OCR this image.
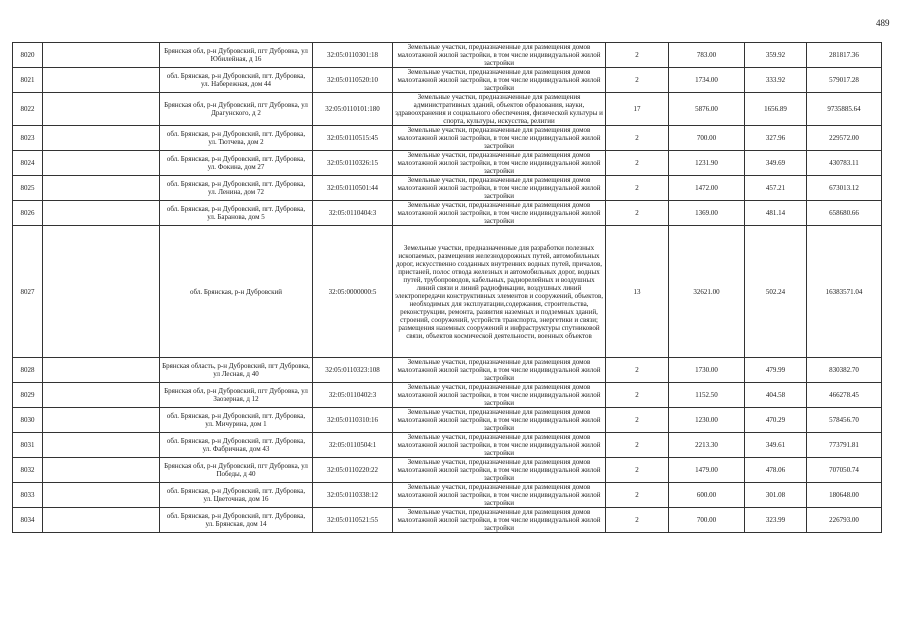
489
8020		Брянская обл, р-н Дубровский, пгт Дубровка, ул Юбилейная, д 16	32:05:0110301:18	Земельные участки, предназначенные для размещения домов малоэтажной жилой застройки, в том числе индивидуальной жилой застройки	2	783.00	359.92	281817.36
8021		обл. Брянская, р-н Дубровский, пгт. Дубровка, ул. Набережная, дом 44	32:05:0110520:10	Земельные участки, предназначенные для размещения домов малоэтажной жилой застройки, в том числе индивидуальной жилой застройки	2	1734.00	333.92	579017.28
8022		Брянская обл, р-н Дубровский, пгт Дубровка, ул Драгунского, д 2	32:05:0110101:180	Земельные участки, предназначенные для размещения административных зданий, объектов образования, науки, здравоохранения и социального обеспечения, физической культуры и спорта, культуры, искусства, религии	17	5876.00	1656.89	9735885.64
8023		обл. Брянская, р-н Дубровский, пгт. Дубровка, ул. Тютчева, дом 2	32:05:0110515:45	Земельные участки, предназначенные для размещения домов малоэтажной жилой застройки, в том числе индивидуальной жилой застройки	2	700.00	327.96	229572.00
8024		обл. Брянская, р-н Дубровский, пгт. Дубровка, ул. Фокина, дом 27	32:05:0110326:15	Земельные участки, предназначенные для размещения домов малоэтажной жилой застройки, в том числе индивидуальной жилой застройки	2	1231.90	349.69	430783.11
8025		обл. Брянская, р-н Дубровский, пгт. Дубровка, ул. Ленина, дом 72	32:05:0110501:44	Земельные участки, предназначенные для размещения домов малоэтажной жилой застройки, в том числе индивидуальной жилой застройки	2	1472.00	457.21	673013.12
8026		обл. Брянская, р-н Дубровский, пгт. Дубровка, ул. Баранова, дом 5	32:05:0110404:3	Земельные участки, предназначенные для размещения домов малоэтажной жилой застройки, в том числе индивидуальной жилой застройки	2	1369.00	481.14	658680.66
8027		обл. Брянская, р-н Дубровский	32:05:0000000:5	Земельные участки, предназначенные для разработки полезных ископаемых, размещения железнодорожных путей, автомобильных дорог, искусственно созданных внутренних водных путей, причалов, пристаней, полос отвода железных и автомобильных дорог, водных путей, трубопроводов, кабельных, радиорелейных и воздушных линий связи и линий радиофикации, воздушных линий электропередачи конструктивных элементов и сооружений, объектов, необходимых для эксплуатации,содержания, строительства, реконструкции, ремонта, развития наземных и подземных зданий, строений, сооружений, устройств транспорта, энергетики и связи; размещения наземных сооружений и инфраструктуры спутниковой связи, объектов космической деятельности, военных объектов	13	32621.00	502.24	16383571.04
8028		Брянская область, р-н Дубровский, пгт Дубровка, ул Лесная, д 40	32:05:0110323:108	Земельные участки, предназначенные для размещения домов малоэтажной жилой застройки, в том числе индивидуальной жилой застройки	2	1730.00	479.99	830382.70
8029		Брянская обл, р-н Дубровский, пгт Дубровка, ул Заозерная, д 12	32:05:0110402:3	Земельные участки, предназначенные для размещения домов малоэтажной жилой застройки, в том числе индивидуальной жилой застройки	2	1152.50	404.58	466278.45
8030		обл. Брянская, р-н Дубровский, пгт. Дубровка, ул. Мичурина, дом 1	32:05:0110310:16	Земельные участки, предназначенные для размещения домов малоэтажной жилой застройки, в том числе индивидуальной жилой застройки	2	1230.00	470.29	578456.70
8031		обл. Брянская, р-н Дубровский, пгт. Дубровка, ул. Фабричная, дом 43	32:05:0110504:1	Земельные участки, предназначенные для размещения домов малоэтажной жилой застройки, в том числе индивидуальной жилой застройки	2	2213.30	349.61	773791.81
8032		Брянская обл, р-н Дубровский, пгт Дубровка, ул Победы, д 40	32:05:0110220:22	Земельные участки, предназначенные для размещения домов малоэтажной жилой застройки, в том числе индивидуальной жилой застройки	2	1479.00	478.06	707050.74
8033		обл. Брянская, р-н Дубровский, пгт. Дубровка, ул. Цветочная, дом 16	32:05:0110338:12	Земельные участки, предназначенные для размещения домов малоэтажной жилой застройки, в том числе индивидуальной жилой застройки	2	600.00	301.08	180648.00
8034		обл. Брянская, р-н Дубровский, пгт. Дубровка, ул. Брянская, дом 14	32:05:0110521:55	Земельные участки, предназначенные для размещения домов малоэтажной жилой застройки, в том числе индивидуальной жилой застройки	2	700.00	323.99	226793.00
